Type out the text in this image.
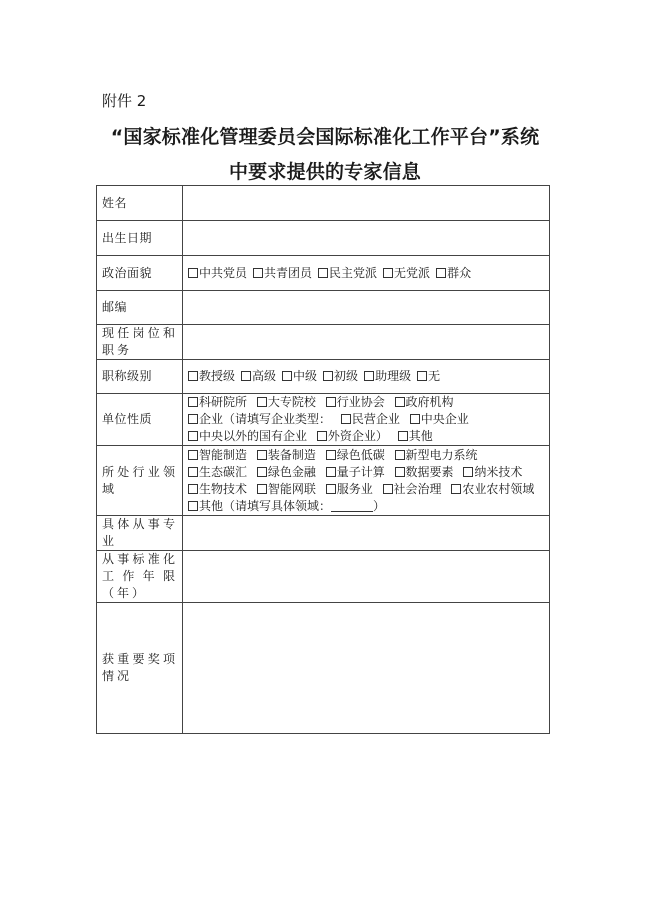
附件 2
“国家标准化管理委员会国际标准化工作平台”系统
中要求提供的专家信息
姓名	
出生日期	
政治面貌	中共党员 共青团员 民主党派 无党派 群众
邮编	
现任岗位和职务	
职称级别	教授级 高级 中级 初级 助理级 无
单位性质	科研院所 大专院校 行业协会 政府机构 企业（请填写企业类型： 民营企业 中央企业 中央以外的国有企业 外资企业） 其他
所处行业领域	智能制造 装备制造 绿色低碳 新型电力系统 生态碳汇 绿色金融 量子计算 数据要素 纳米技术 生物技术 智能网联 服务业 社会治理 农业农村领域 其他（请填写具体领域： ）
具体从事专业	
从事标准化工作年限（年）	
获重要奖项情况	
